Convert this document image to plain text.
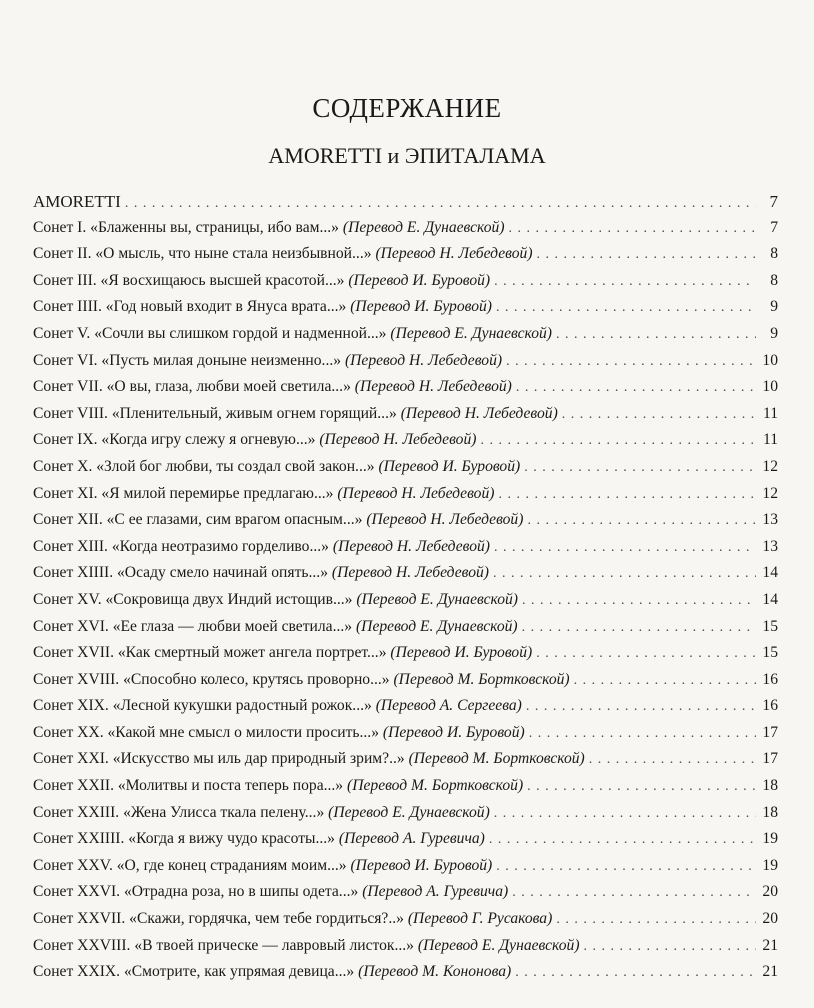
СОДЕРЖАНИЕ
AMORETTI и ЭПИТАЛАМА
AMORETTI . . .	7
Сонет I. «Блаженны вы, страницы, ибо вам...» (Перевод Е. Дунаевской) . . .	7
Сонет II. «О мысль, что ныне стала неизбывной...» (Перевод Н. Лебедевой) . . .	8
Сонет III. «Я восхищаюсь высшей красотой...» (Перевод И. Буровой) . . .	8
Сонет IIII. «Год новый входит в Януса врата...» (Перевод И. Буровой) . . .	9
Сонет V. «Сочли вы слишком гордой и надменной...» (Перевод Е. Дунаевской) . . .	9
Сонет VI. «Пусть милая доныне неизменно...» (Перевод Н. Лебедевой) . . .	10
Сонет VII. «О вы, глаза, любви моей светила...» (Перевод Н. Лебедевой) . . .	10
Сонет VIII. «Пленительный, живым огнем горящий...» (Перевод Н. Лебедевой) . . .	11
Сонет IX. «Когда игру слежу я огневую...» (Перевод Н. Лебедевой) . . .	11
Сонет X. «Злой бог любви, ты создал свой закон...» (Перевод И. Буровой) . . .	12
Сонет XI. «Я милой перемирье предлагаю...» (Перевод Н. Лебедевой) . . .	12
Сонет XII. «С ее глазами, сим врагом опасным...» (Перевод Н. Лебедевой) . . .	13
Сонет XIII. «Когда неотразимо горделиво...» (Перевод Н. Лебедевой) . . .	13
Сонет XIIII. «Осаду смело начинай опять...» (Перевод Н. Лебедевой) . . .	14
Сонет XV. «Сокровища двух Индий истощив...» (Перевод Е. Дунаевской) . . .	14
Сонет XVI. «Ее глаза — любви моей светила...» (Перевод Е. Дунаевской) . . .	15
Сонет XVII. «Как смертный может ангела портрет...» (Перевод И. Буровой) . . .	15
Сонет XVIII. «Способно колесо, крутясь проворно...» (Перевод М. Бортковской) . . .	16
Сонет XIX. «Лесной кукушки радостный рожок...» (Перевод А. Сергеева) . . .	16
Сонет XX. «Какой мне смысл о милости просить...» (Перевод И. Буровой) . . .	17
Сонет XXI. «Искусство мы иль дар природный зрим?..» (Перевод М. Бортковской) . . .	17
Сонет XXII. «Молитвы и поста теперь пора...» (Перевод М. Бортковской) . . .	18
Сонет XXIII. «Жена Улисса ткала пелену...» (Перевод Е. Дунаевской) . . .	18
Сонет XXIIII. «Когда я вижу чудо красоты...» (Перевод А. Гуревича) . . .	19
Сонет XXV. «О, где конец страданиям моим...» (Перевод И. Буровой) . . .	19
Сонет XXVI. «Отрадна роза, но в шипы одета...» (Перевод А. Гуревича) . . .	20
Сонет XXVII. «Скажи, гордячка, чем тебе гордиться?..» (Перевод Г. Русакова) . . .	20
Сонет XXVIII. «В твоей прическе — лавровый листок...» (Перевод Е. Дунаевской) . . .	21
Сонет XXIX. «Смотрите, как упрямая девица...» (Перевод М. Кононова) . . .	21
